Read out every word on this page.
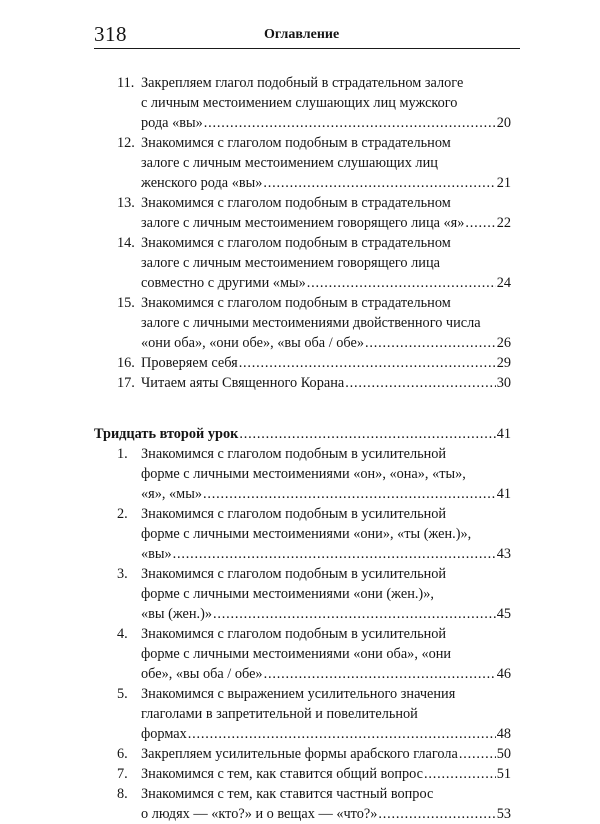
318	Оглавление
11. Закрепляем глагол подобный в страдательном залоге
с личным местоимением слушающих лиц мужского
рода «вы» .....	20
12. Знакомимся с глаголом подобным в страдательном
залоге с личным местоимением слушающих лиц
женского рода «вы» .....	21
13. Знакомимся с глаголом подобным в страдательном
залоге с личным местоимением говорящего лица «я» ..... 22
14. Знакомимся с глаголом подобным в страдательном
залоге с личным местоимением говорящего лица
совместно с другими «мы» .....	24
15. Знакомимся с глаголом подобным в страдательном
залоге с личными местоимениями двойственного числа
«они оба», «они обе», «вы оба / обе» .....	26
16. Проверяем себя .....	29
17. Читаем аяты Священного Корана .....	30
Тридцать второй урок .....	41
1. Знакомимся с глаголом подобным в усилительной
форме с личными местоимениями «он», «она», «ты»,
«я», «мы» .....	41
2. Знакомимся с глаголом подобным в усилительной
форме с личными местоимениями «они», «ты (жен.)»,
«вы» .....	43
3. Знакомимся с глаголом подобным в усилительной
форме с личными местоимениями «они (жен.)»,
«вы (жен.)» .....	45
4. Знакомимся с глаголом подобным в усилительной
форме с личными местоимениями «они оба», «они
обе», «вы оба / обе» .....	46
5. Знакомимся с выражением усилительного значения
глаголами в запретительной и повелительной
формах .....	48
6. Закрепляем усилительные формы арабского глагола .....	50
7. Знакомимся с тем, как ставится общий вопрос .....	51
8. Знакомимся с тем, как ставится частный вопрос
о людях — «кто?» и о вещах — «что?» .....	53
